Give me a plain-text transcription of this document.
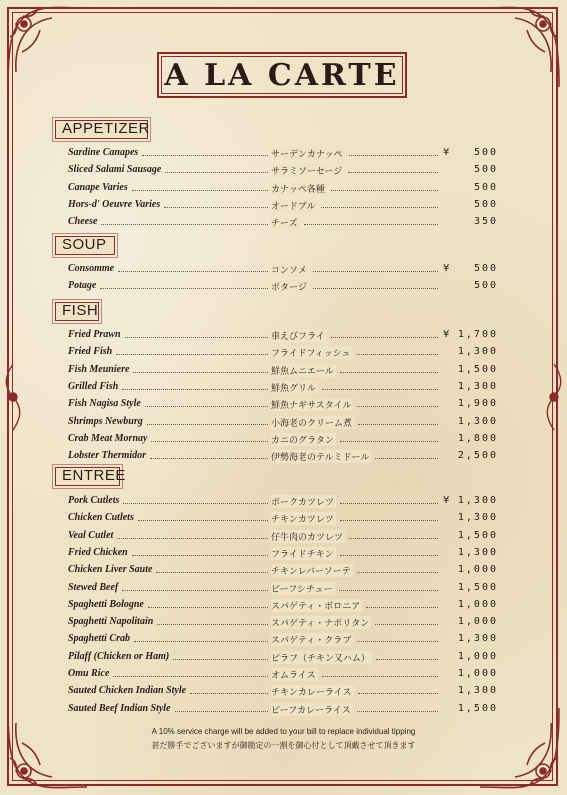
A LA CARTE
APPETIZER
Sardine Canapes	サーデンカナッペ	¥ 500
Sliced Salami Sausage	サラミソーセージ	500
Canape Varies	カナッペ各種	500
Hors-d' Oeuvre Varies	オードブル	500
Cheese	チーズ	350
SOUP
Consomme	コンソメ	¥ 500
Potage	ポタージ	500
FISH
Fried Prawn	車えびフライ	¥ 1,700
Fried Fish	フライドフィッシュ	1,300
Fish Meuniere	鮮魚ムニエール	1,500
Grilled Fish	鮮魚グリル	1,300
Fish Nagisa Style	鮮魚ナギサスタイル	1,900
Shrimps Newburg	小海老のクリーム煮	1,300
Crab Meat Mornay	カニのグラタン	1,800
Lobster Thermidor	伊勢海老のテルミドール	2,500
ENTREE
Pork Cutlets	ポークカツレツ	¥ 1,300
Chicken Cutlets	チキンカツレツ	1,300
Veal Cutlet	仔牛肉のカツレツ	1,500
Fried Chicken	フライドチキン	1,300
Chicken Liver Saute	チキンレバーソーテ	1,000
Stewed Beef	ビーフシチュー	1,500
Spaghetti Bologne	スパゲティ・ボロニア	1,000
Spaghetti Napolitain	スパゲティ・ナポリタン	1,000
Spaghetti Crab	スパゲティ・クラブ	1,300
Pilaff (Chicken or Ham)	ピラフ（チキン又ハム）	1,000
Omu Rice	オムライス	1,000
Sauted Chicken Indian Style	チキンカレーライス	1,300
Sauted Beef Indian Style	ビーフカレーライス	1,500
A 10% service charge will be added to your bill to replace individual tipping
甚だ勝手でございますが御勘定の一割を御心付として頂戴させて頂きます
